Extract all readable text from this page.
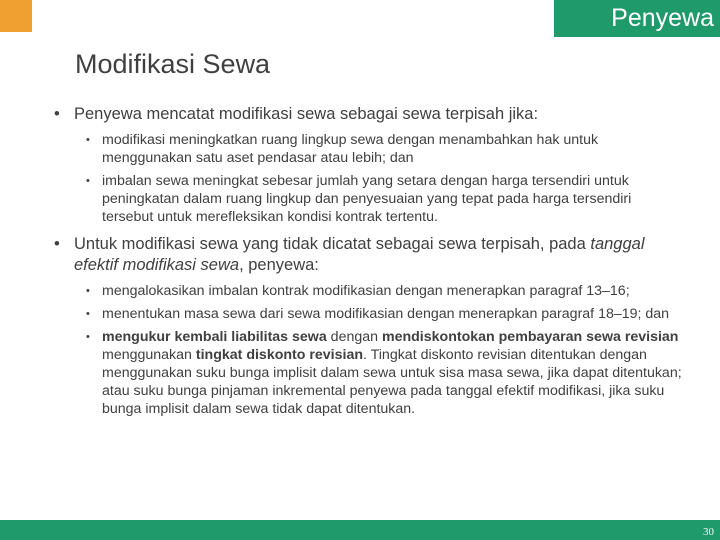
Penyewa
Modifikasi Sewa
• Penyewa mencatat modifikasi sewa sebagai sewa terpisah jika:
• modifikasi meningkatkan ruang lingkup sewa dengan menambahkan hak untuk menggunakan satu aset pendasar atau lebih; dan
• imbalan sewa meningkat sebesar jumlah yang setara dengan harga tersendiri untuk peningkatan dalam ruang lingkup dan penyesuaian yang tepat pada harga tersendiri tersebut untuk merefleksikan kondisi kontrak tertentu.
• Untuk modifikasi sewa yang tidak dicatat sebagai sewa terpisah, pada tanggal efektif modifikasi sewa, penyewa:
• mengalokasikan imbalan kontrak modifikasian dengan menerapkan paragraf 13–16;
• menentukan masa sewa dari sewa modifikasian dengan menerapkan paragraf 18–19; dan
• mengukur kembali liabilitas sewa dengan mendiskontokan pembayaran sewa revisian menggunakan tingkat diskonto revisian. Tingkat diskonto revisian ditentukan dengan menggunakan suku bunga implisit dalam sewa untuk sisa masa sewa, jika dapat ditentukan; atau suku bunga pinjaman inkremental penyewa pada tanggal efektif modifikasi, jika suku bunga implisit dalam sewa tidak dapat ditentukan.
30
